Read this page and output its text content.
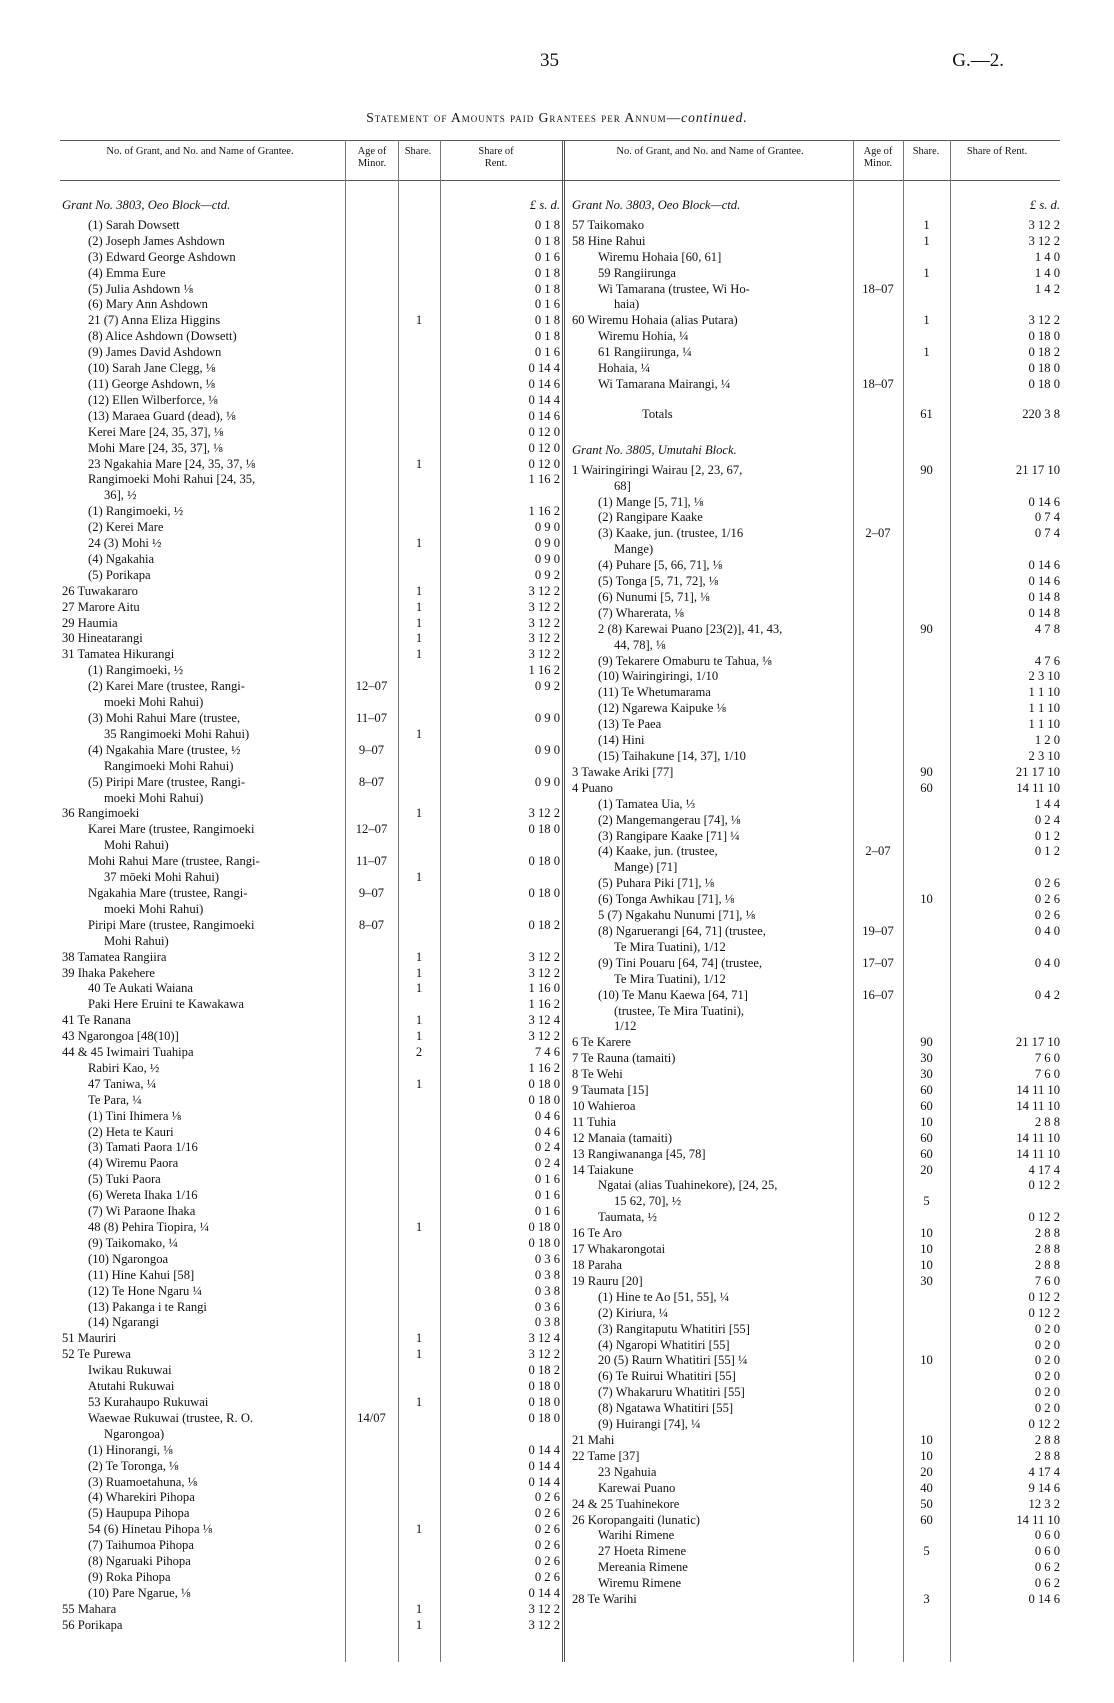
35	G.—2.
Statement of Amounts paid Grantees per Annum—continued.
No. of Grant, and No. and Name of Grantee.	Age of Minor.
Share.	Share of Rent.
No. of Grant, and No. and Name of Grantee.	Age of Minor.
Share.	Share of Rent.
Grant No. 3803, Oeo Block—ctd.			£ s. d.
(1) Sarah Dowsett			0 1 8
(2) Joseph James Ashdown			0 1 8
(3) Edward George Ashdown			0 1 6
(4) Emma Eure			0 1 8
(5) Julia Ashdown ⅛			0 1 8
(6) Mary Ann Ashdown			0 1 6
21 (7) Anna Eliza Higgins		1	0 1 8
(8) Alice Ashdown (Dowsett)			0 1 8
(9) James David Ashdown			0 1 6
(10) Sarah Jane Clegg, ⅛			0 14 4
(11) George Ashdown, ⅛			0 14 6
(12) Ellen Wilberforce, ⅛			0 14 4
(13) Maraea Guard (dead), ⅛			0 14 6
Kerei Mare [24, 35, 37], ⅛			0 12 0
Mohi Mare [24, 35, 37], ⅛			0 12 0
23 Ngakahia Mare [24, 35, 37, ⅛		1	0 12 0
Rangimoeki Mohi Rahui [24, 35,			1 16 2
36], ½			
(1) Rangimoeki, ½			1 16 2
(2) Kerei Mare			0 9 0
24 (3) Mohi ½		1	0 9 0
(4) Ngakahia			0 9 0
(5) Porikapa			0 9 2
26 Tuwakararo		1	3 12 2
27 Marore Aitu		1	3 12 2
29 Haumia		1	3 12 2
30 Hineatarangi		1	3 12 2
31 Tamatea Hikurangi		1	3 12 2
(1) Rangimoeki, ½			1 16 2
(2) Karei Mare (trustee, Rangi-	12–07		0 9 2
moeki Mohi Rahui)			
(3) Mohi Rahui Mare (trustee,	11–07		0 9 0
35 Rangimoeki Mohi Rahui)		1	
(4) Ngakahia Mare (trustee, ½	9–07		0 9 0
Rangimoeki Mohi Rahui)			
(5) Piripi Mare (trustee, Rangi-	8–07		0 9 0
moeki Mohi Rahui)			
36 Rangimoeki		1	3 12 2
Karei Mare (trustee, Rangimoeki	12–07		0 18 0
Mohi Rahui)			
Mohi Rahui Mare (trustee, Rangi-	11–07		0 18 0
37 mōeki Mohi Rahui)		1	
Ngakahia Mare (trustee, Rangi-	9–07		0 18 0
moeki Mohi Rahui)			
Piripi Mare (trustee, Rangimoeki	8–07		0 18 2
Mohi Rahui)			
38 Tamatea Rangiira		1	3 12 2
39 Ihaka Pakehere		1	3 12 2
40 Te Aukati Waiana		1	1 16 0
Paki Here Eruini te Kawakawa			1 16 2
41 Te Ranana		1	3 12 4
43 Ngarongoa [48(10)]		1	3 12 2
44 & 45 Iwimairi Tuahipa		2	7 4 6
Rabiri Kao, ½			1 16 2
47 Taniwa, ¼		1	0 18 0
Te Para, ¼			0 18 0
(1) Tini Ihimera ⅛			0 4 6
(2) Heta te Kauri			0 4 6
(3) Tamati Paora 1/16			0 2 4
(4) Wiremu Paora			0 2 4
(5) Tuki Paora			0 1 6
(6) Wereta Ihaka 1/16			0 1 6
(7) Wi Paraone Ihaka			0 1 6
48 (8) Pehira Tiopira, ¼		1	0 18 0
(9) Taikomako, ¼			0 18 0
(10) Ngarongoa			0 3 6
(11) Hine Kahui [58]			0 3 8
(12) Te Hone Ngaru ¼			0 3 8
(13) Pakanga i te Rangi			0 3 6
(14) Ngarangi			0 3 8
51 Mauriri		1	3 12 4
52 Te Purewa		1	3 12 2
Iwikau Rukuwai			0 18 2
Atutahi Rukuwai			0 18 0
53 Kurahaupo Rukuwai		1	0 18 0
Waewae Rukuwai (trustee, R. O.	14/07		0 18 0
Ngarongoa)			
(1) Hinorangi, ⅛			0 14 4
(2) Te Toronga, ⅛			0 14 4
(3) Ruamoetahuna, ⅛			0 14 4
(4) Wharekiri Pihopa			0 2 6
(5) Haupupa Pihopa			0 2 6
54 (6) Hinetau Pihopa ⅛		1	0 2 6
(7) Taihumoa Pihopa			0 2 6
(8) Ngaruaki Pihopa			0 2 6
(9) Roka Pihopa			0 2 6
(10) Pare Ngarue, ⅛			0 14 4
55 Mahara		1	3 12 2
56 Porikapa		1	3 12 2
Grant No. 3803, Oeo Block—ctd.			£ s. d.
57 Taikomako		1	3 12 2
58 Hine Rahui		1	3 12 2
Wiremu Hohaia [60, 61]			1 4 0
59 Rangiirunga		1	1 4 0
Wi Tamarana (trustee, Wi Ho-	18–07		1 4 2
haia)			
60 Wiremu Hohaia (alias Putara)		1	3 12 2
Wiremu Hohia, ¼			0 18 0
61 Rangiirunga, ¼		1	0 18 2
Hohaia, ¼			0 18 0
Wi Tamarana Mairangi, ¼	18–07		0 18 0
Totals		61	220 3 8
Grant No. 3805, Umutahi Block.			
1 Wairingiringi Wairau [2, 23, 67,		90	21 17 10
68]			
(1) Mange [5, 71], ⅛			0 14 6
(2) Rangipare Kaake			0 7 4
(3) Kaake, jun. (trustee, 1/16	2–07		0 7 4
Mange)			
(4) Puhare [5, 66, 71], ⅛			0 14 6
(5) Tonga [5, 71, 72], ⅛			0 14 6
(6) Nunumi [5, 71], ⅛			0 14 8
(7) Wharerata, ⅛			0 14 8
2 (8) Karewai Puano [23(2)], 41, 43,		90	4 7 8
44, 78], ⅛			
(9) Tekarere Omaburu te Tahua, ⅛			4 7 6
(10) Wairingiringi, 1/10			2 3 10
(11) Te Whetumarama			1 1 10
(12) Ngarewa Kaipuke ⅛			1 1 10
(13) Te Paea			1 1 10
(14) Hini			1 2 0
(15) Taihakune [14, 37], 1/10			2 3 10
3 Tawake Ariki [77]		90	21 17 10
4 Puano		60	14 11 10
(1) Tamatea Uia, ⅓			1 4 4
(2) Mangemangerau [74], ⅛			0 2 4
(3) Rangipare Kaake [71] ¼			0 1 2
(4) Kaake, jun. (trustee,	2–07		0 1 2
Mange) [71]			
(5) Puhara Piki [71], ⅛			0 2 6
(6) Tonga Awhikau [71], ⅛		10	0 2 6
5 (7) Ngakahu Nunumi [71], ⅛			0 2 6
(8) Ngaruerangi [64, 71] (trustee,	19–07		0 4 0
Te Mira Tuatini), 1/12			
(9) Tini Pouaru [64, 74] (trustee,	17–07		0 4 0
Te Mira Tuatini), 1/12			
(10) Te Manu Kaewa [64, 71]	16–07		0 4 2
(trustee, Te Mira Tuatini),			
1/12			
6 Te Karere		90	21 17 10
7 Te Rauna (tamaiti)		30	7 6 0
8 Te Wehi		30	7 6 0
9 Taumata [15]		60	14 11 10
10 Wahieroa		60	14 11 10
11 Tuhia		10	2 8 8
12 Manaia (tamaiti)		60	14 11 10
13 Rangiwananga [45, 78]		60	14 11 10
14 Taiakune		20	4 17 4
Ngatai (alias Tuahinekore), [24, 25,			0 12 2
15 62, 70], ½		5	
Taumata, ½			0 12 2
16 Te Aro		10	2 8 8
17 Whakarongotai		10	2 8 8
18 Paraha		10	2 8 8
19 Rauru [20]		30	7 6 0
(1) Hine te Ao [51, 55], ¼			0 12 2
(2) Kiriura, ¼			0 12 2
(3) Rangitaputu Whatitiri [55]			0 2 0
(4) Ngaropi Whatitiri [55]			0 2 0
20 (5) Raurn Whatitiri [55] ¼		10	0 2 0
(6) Te Ruirui Whatitiri [55]			0 2 0
(7) Whakaruru Whatitiri [55]			0 2 0
(8) Ngatawa Whatitiri [55]			0 2 0
(9) Huirangi [74], ¼			0 12 2
21 Mahi		10	2 8 8
22 Tame [37]		10	2 8 8
23 Ngahuia		20	4 17 4
Karewai Puano		40	9 14 6
24 & 25 Tuahinekore		50	12 3 2
26 Koropangaiti (lunatic)		60	14 11 10
Warihi Rimene			0 6 0
27 Hoeta Rimene		5	0 6 0
Mereania Rimene			0 6 2
Wiremu Rimene			0 6 2
28 Te Warihi		3	0 14 6
